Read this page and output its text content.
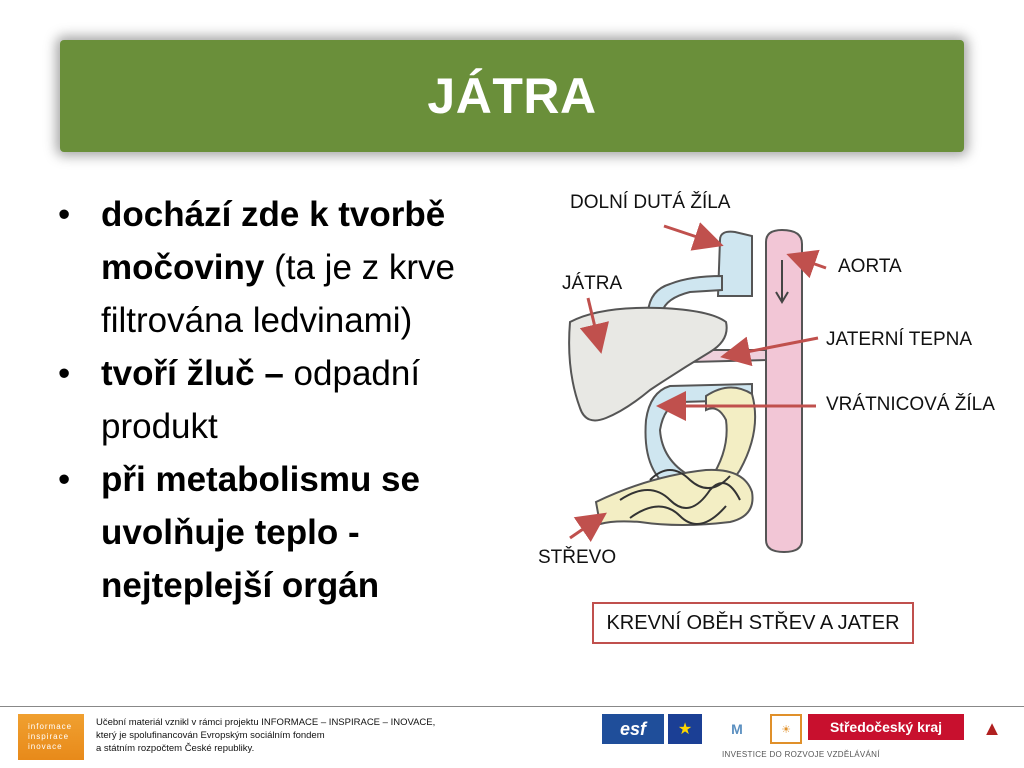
JÁTRA
• dochází zde k tvorbě močoviny (ta je z krve filtrována ledvinami)
• tvoří žluč – odpadní produkt
• při metabolismu se uvolňuje teplo - nejteplejší orgán
DOLNÍ DUTÁ ŽÍLA
AORTA
JÁTRA
JATERNÍ TEPNA
VRÁTNICOVÁ ŽÍLA
STŘEVO
KREVNÍ OBĚH STŘEV A JATER
informace
inspirace
inovace
Učební materiál vznikl v rámci projektu INFORMACE – INSPIRACE – INOVACE,
který je spolufinancován Evropským sociálním fondem
a státním rozpočtem České republiky.
esf	★	M	☀	Středočeský kraj	▲
INVESTICE DO ROZVOJE VZDĚLÁVÁNÍ
